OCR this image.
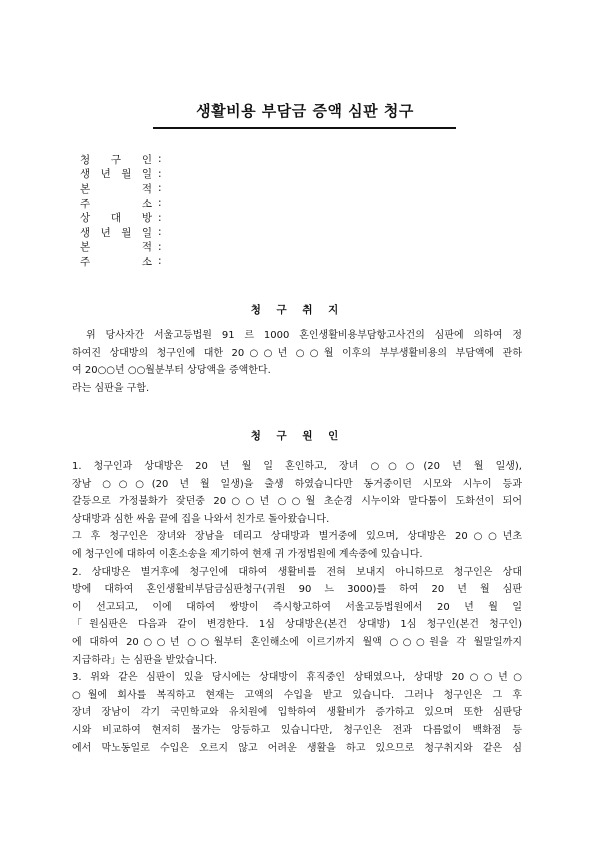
생활비용 부담금 증액 심판 청구
청 구 인 :
생 년 월 일 :
본	적 :
주	소 :
상 대 방 :
생 년 월 일 :
본	적 :
주	소 :
청 구 취 지
위 당사자간 서울고등법원 91 르 1000 혼인생활비용부담항고사건의 심판에 의하여 정
하여진 상대방의 청구인에 대한 20○○년 ○○월 이후의 부부생활비용의 부담액에 관하
여 20○○년 ○○월분부터 상당액을 증액한다.
라는 심판을 구함.
청 구 원 인
1. 청구인과 상대방은 20 년 월 일 혼인하고, 장녀 ○○○(20 년 월 일생),
장남 ○○○(20 년 월 일생)을 출생 하였습니다만 동거중이던 시모와 시누이 등과
갈등으로 가정불화가 잦던중 20○○년 ○○월 초순경 시누이와 말다툼이 도화선이 되어
상대방과 심한 싸움 끝에 집을 나와서 친가로 돌아왔습니다.
그 후 청구인은 장녀와 장남을 데리고 상대방과 별거중에 있으며, 상대방은 20○○년초
에 청구인에 대하여 이혼소송을 제기하여 현재 귀 가정법원에 계속중에 있습니다.
2. 상대방은 별거후에 청구인에 대하여 생활비를 전혀 보내지 아니하므로 청구인은 상대
방에 대하여 혼인생활비부담금심판청구(귀원 90 느 3000)를 하여 20 년 월 심판
이 선고되고, 이에 대하여 쌍방이 즉시항고하여 서울고등법원에서 20 년 월 일
「원심판은 다음과 같이 변경한다. 1심 상대방은(본건 상대방) 1심 청구인(본건 청구인)
에 대하여 20○○년 ○○월부터 혼인해소에 이르기까지 월액 ○○○원을 각 월말일까지
지급하라」는 심판을 받았습니다.
3. 위와 같은 심판이 있을 당시에는 상대방이 휴직중인 상태였으나, 상대방 20○○년○
○월에 회사를 복직하고 현재는 고액의 수입을 받고 있습니다. 그러나 청구인은 그 후
장녀 장남이 각기 국민학교와 유치원에 입학하여 생활비가 증가하고 있으며 또한 심판당
시와 비교하여 현저히 물가는 앙등하고 있습니다만, 청구인은 전과 다름없이 백화점 등
에서 막노동일로 수입은 오르지 않고 어려운 생활을 하고 있으므로 청구취지와 같은 심
